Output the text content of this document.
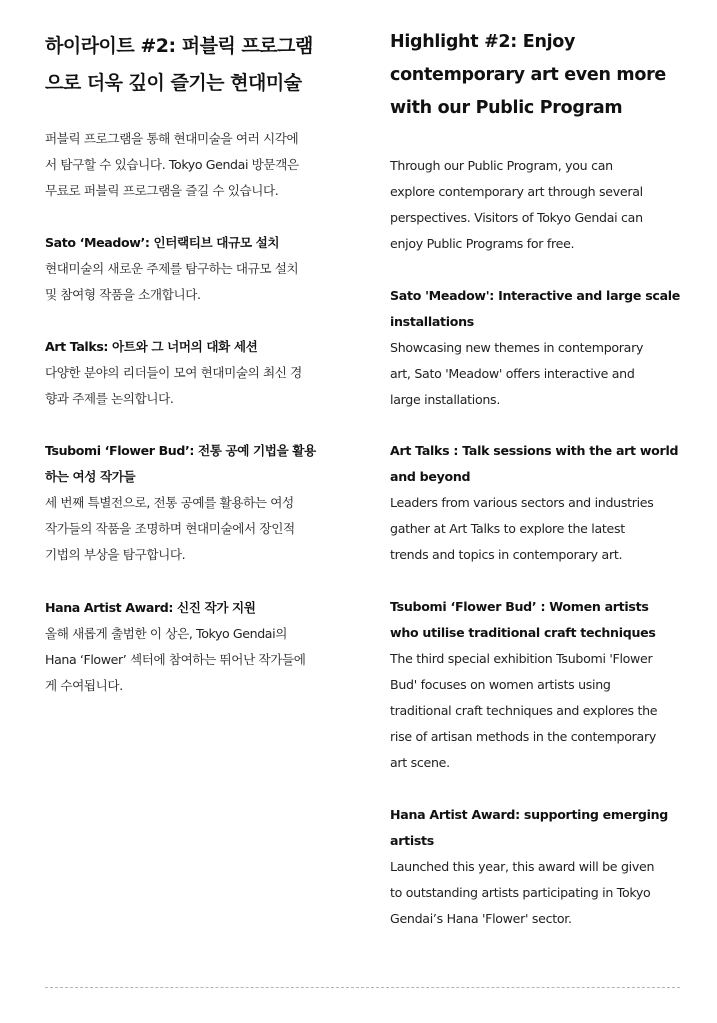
하이라이트 #2: 퍼블릭 프로그램
으로 더욱 깊이 즐기는 현대미술
퍼블릭 프로그램을 통해 현대미술을 여러 시각에
서 탐구할 수 있습니다. Tokyo Gendai 방문객은
무료로 퍼블릭 프로그램을 즐길 수 있습니다.
Sato ‘Meadow’: 인터랙티브 대규모 설치

현대미술의 새로운 주제를 탐구하는 대규모 설치
및 참여형 작품을 소개합니다.

Art Talks: 아트와 그 너머의 대화 세션

다양한 분야의 리더들이 모여 현대미술의 최신 경
향과 주제를 논의합니다.

Tsubomi ‘Flower Bud’: 전통 공예 기법을 활용
하는 여성 작가들

세 번째 특별전으로, 전통 공예를 활용하는 여성
작가들의 작품을 조명하며 현대미술에서 장인적
기법의 부상을 탐구합니다.

Hana Artist Award: 신진 작가 지원

올해 새롭게 출범한 이 상은, Tokyo Gendai의
Hana ‘Flower’ 섹터에 참여하는 뛰어난 작가들에
게 수여됩니다.

Highlight #2: Enjoy
contemporary art even more
with our Public Program
Through our Public Program, you can
explore contemporary art through several
perspectives. Visitors of Tokyo Gendai can
enjoy Public Programs for free.
Sato 'Meadow': Interactive and large scale
installations

Showcasing new themes in contemporary
art, Sato 'Meadow' offers interactive and
large installations.

Art Talks : Talk sessions with the art world
and beyond

Leaders from various sectors and industries
gather at Art Talks to explore the latest
trends and topics in contemporary art.

Tsubomi ‘Flower Bud’ : Women artists
who utilise traditional craft techniques

The third special exhibition Tsubomi 'Flower
Bud' focuses on women artists using
traditional craft techniques and explores the
rise of artisan methods in the contemporary
art scene.

Hana Artist Award: supporting emerging
artists

Launched this year, this award will be given
to outstanding artists participating in Tokyo
Gendai’s Hana 'Flower' sector.
